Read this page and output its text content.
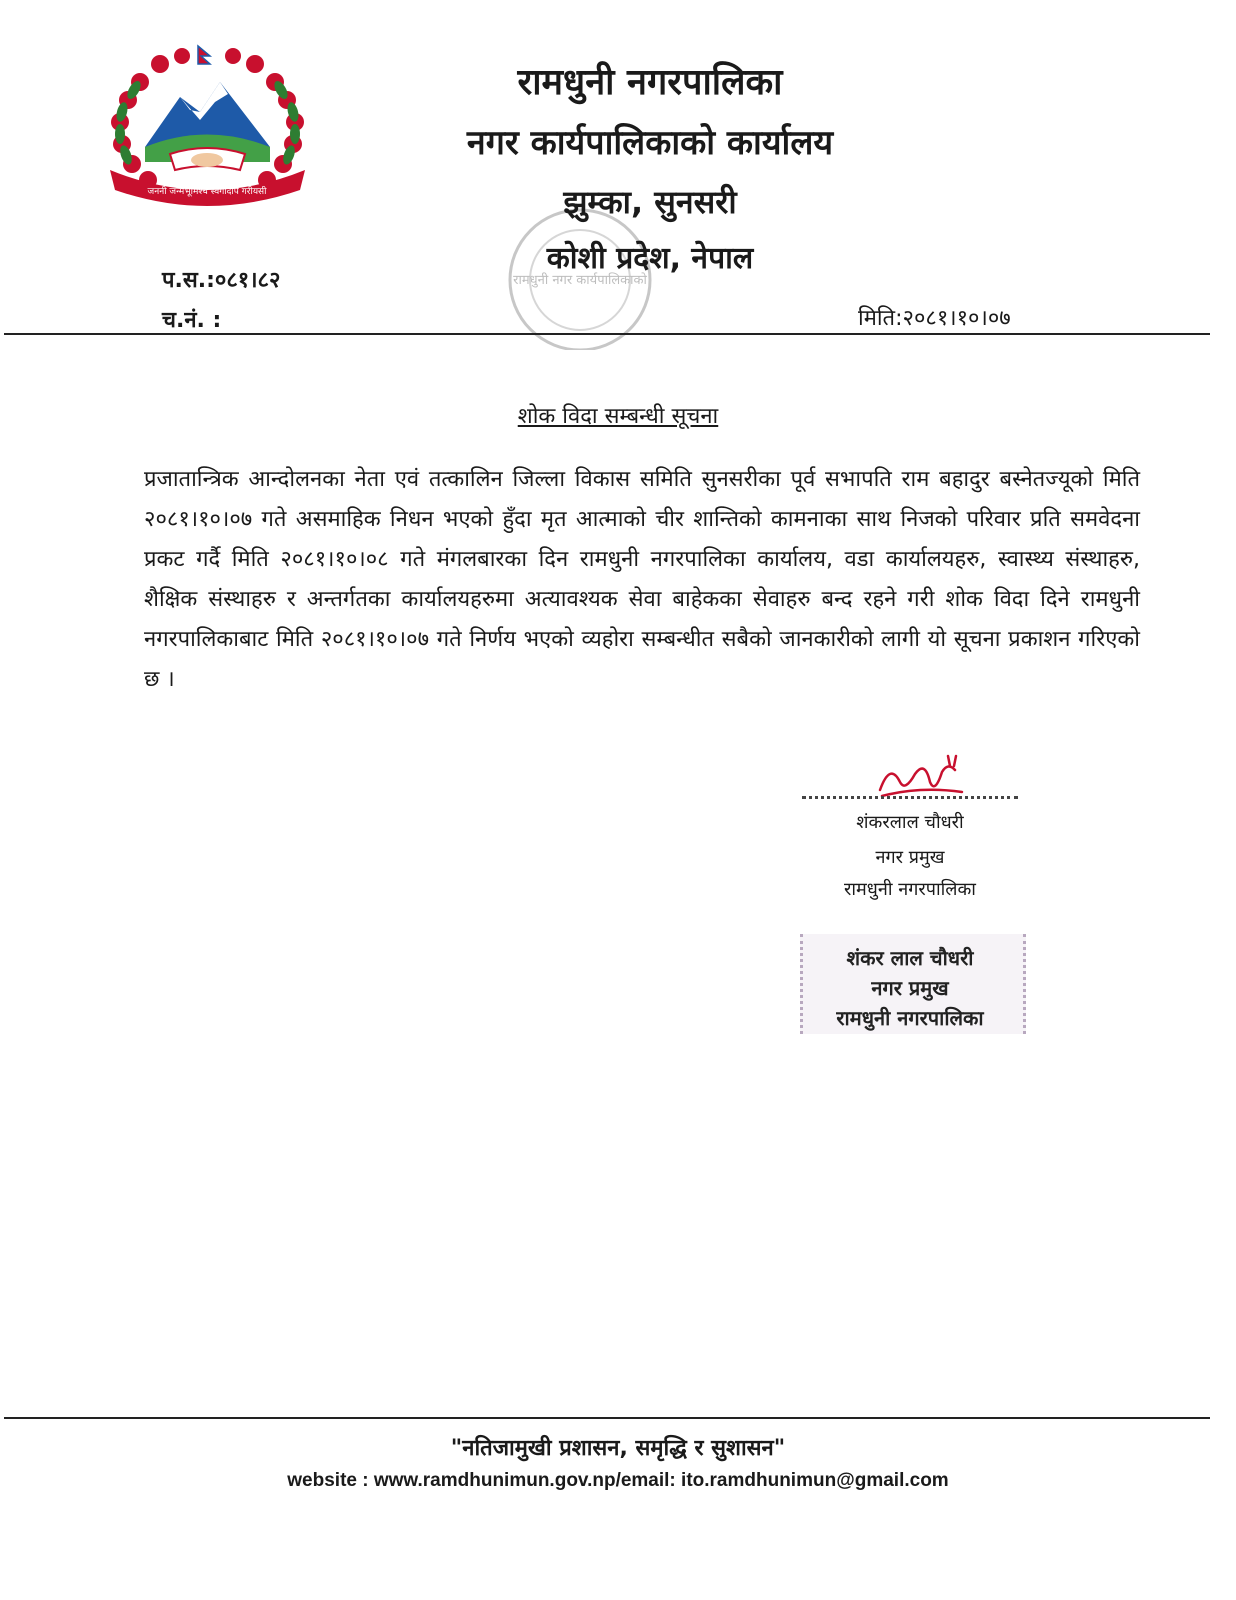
जननी जन्मभूमिश्च स्वर्गादपि गरीयसी
रामधुनी नगर कार्यपालिकाको
रामधुनी नगरपालिका
नगर कार्यपालिकाको कार्यालय
झुम्का, सुनसरी
कोशी प्रदेश, नेपाल
प.स.:०८१।८२
च.नं. :	मिति:२०८१।१०।०७
शोक विदा सम्बन्धी सूचना
प्रजातान्त्रिक आन्दोलनका नेता एवं तत्कालिन जिल्ला विकास समिति सुनसरीका पूर्व सभापति राम बहादुर बस्नेतज्यूको मिति २०८१।१०।०७ गते असमाहिक निधन भएको हुँदा मृत आत्माको चीर शान्तिको कामनाका साथ निजको परिवार प्रति समवेदना प्रकट गर्दै मिति २०८१।१०।०८ गते मंगलबारका दिन रामधुनी नगरपालिका कार्यालय, वडा कार्यालयहरु, स्वास्थ्य संस्थाहरु, शैक्षिक संस्थाहरु र अन्तर्गतका कार्यालयहरुमा अत्यावश्यक सेवा बाहेकका सेवाहरु बन्द रहने गरी शोक विदा दिने रामधुनी नगरपालिकाबाट मिति २०८१।१०।०७ गते निर्णय भएको व्यहोरा सम्बन्धीत सबैको जानकारीको लागी यो सूचना प्रकाशन गरिएको छ ।
शंकरलाल चौधरी
नगर प्रमुख
रामधुनी नगरपालिका
शंकर लाल चौधरी
नगर प्रमुख
रामधुनी नगरपालिका
"नतिजामुखी प्रशासन, समृद्धि र सुशासन"
website : www.ramdhunimun.gov.np/email: ito.ramdhunimun@gmail.com
